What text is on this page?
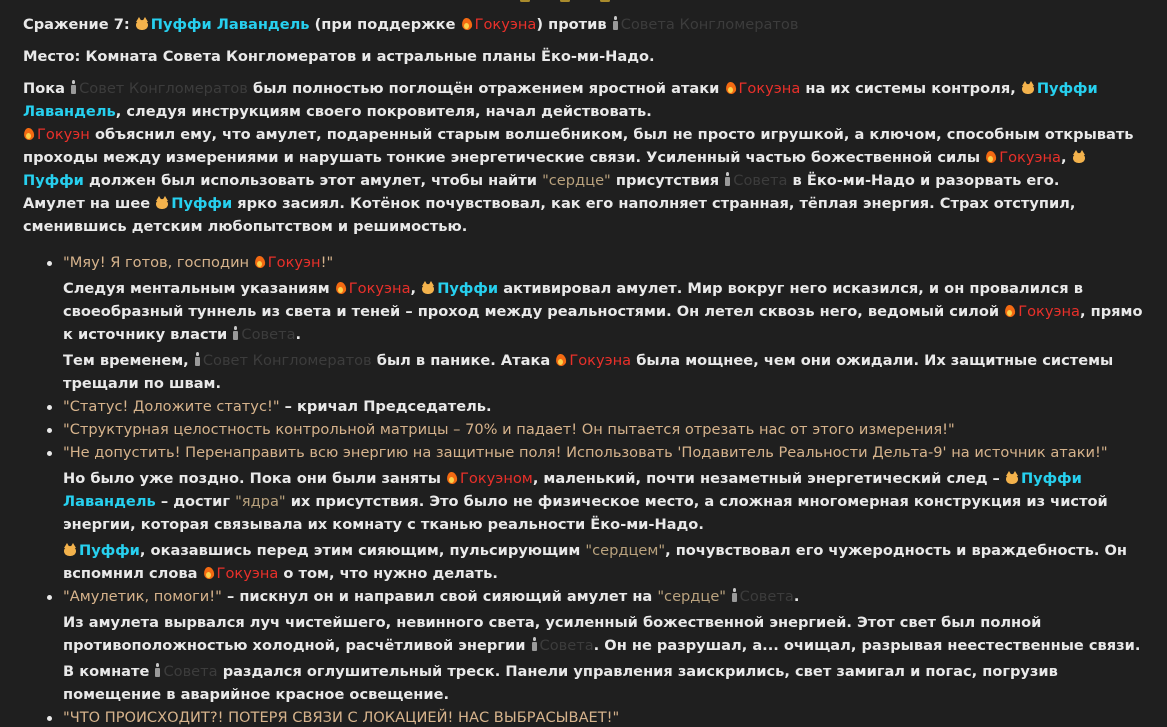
Сражение 7: Пуффи Лавандель (при поддержке Гокуэна) против Совета Конгломератов

Место: Комната Совета Конгломератов и астральные планы Ёко-ми-Надо.

Пока Совет Конгломератов был полностью поглощён отражением яростной атаки Гокуэна на их системы контроля, Пуффи Лавандель, следуя инструкциям своего покровителя, начал действовать.

Гокуэн объяснил ему, что амулет, подаренный старым волшебником, был не просто игрушкой, а ключом, способным открывать проходы между измерениями и нарушать тонкие энергетические связи. Усиленный частью божественной силы Гокуэна,
Пуффи должен был использовать этот амулет, чтобы найти "сердце" присутствия Совета в Ёко-ми-Надо и разорвать его.

Амулет на шее Пуффи ярко засиял. Котёнок почувствовал, как его наполняет странная, тёплая энергия. Страх отступил, сменившись детским любопытством и решимостью.

"Мяу! Я готов, господин Гокуэн!"
Следуя ментальным указаниям Гокуэна, Пуффи активировал амулет. Мир вокруг него исказился, и он провалился в своеобразный туннель из света и теней – проход между реальностями. Он летел сквозь него, ведомый силой Гокуэна, прямо к источнику власти Совета.
Тем временем, Совет Конгломератов был в панике. Атака Гокуэна была мощнее, чем они ожидали. Их защитные системы трещали по швам.
"Статус! Доложите статус!" – кричал Председатель.
"Структурная целостность контрольной матрицы – 70% и падает! Он пытается отрезать нас от этого измерения!"
"Не допустить! Перенаправить всю энергию на защитные поля! Использовать 'Подавитель Реальности Дельта-9' на источник атаки!"
Но было уже поздно. Пока они были заняты Гокуэном, маленький, почти незаметный энергетический след – Пуффи Лавандель – достиг "ядра" их присутствия. Это было не физическое место, а сложная многомерная конструкция из чистой энергии, которая связывала их комнату с тканью реальности Ёко-ми-Надо.
Пуффи, оказавшись перед этим сияющим, пульсирующим "сердцем", почувствовал его чужеродность и враждебность. Он вспомнил слова Гокуэна о том, что нужно делать.
"Амулетик, помоги!" – пискнул он и направил свой сияющий амулет на "сердце" Совета.
Из амулета вырвался луч чистейшего, невинного света, усиленный божественной энергией. Этот свет был полной противоположностью холодной, расчётливой энергии Совета. Он не разрушал, а... очищал, разрывая неестественные связи.
В комнате Совета раздался оглушительный треск. Панели управления заискрились, свет замигал и погас, погрузив помещение в аварийное красное освещение.
"ЧТО ПРОИСХОДИТ?! ПОТЕРЯ СВЯЗИ С ЛОКАЦИЕЙ! НАС ВЫБРАСЫВАЕТ!"
